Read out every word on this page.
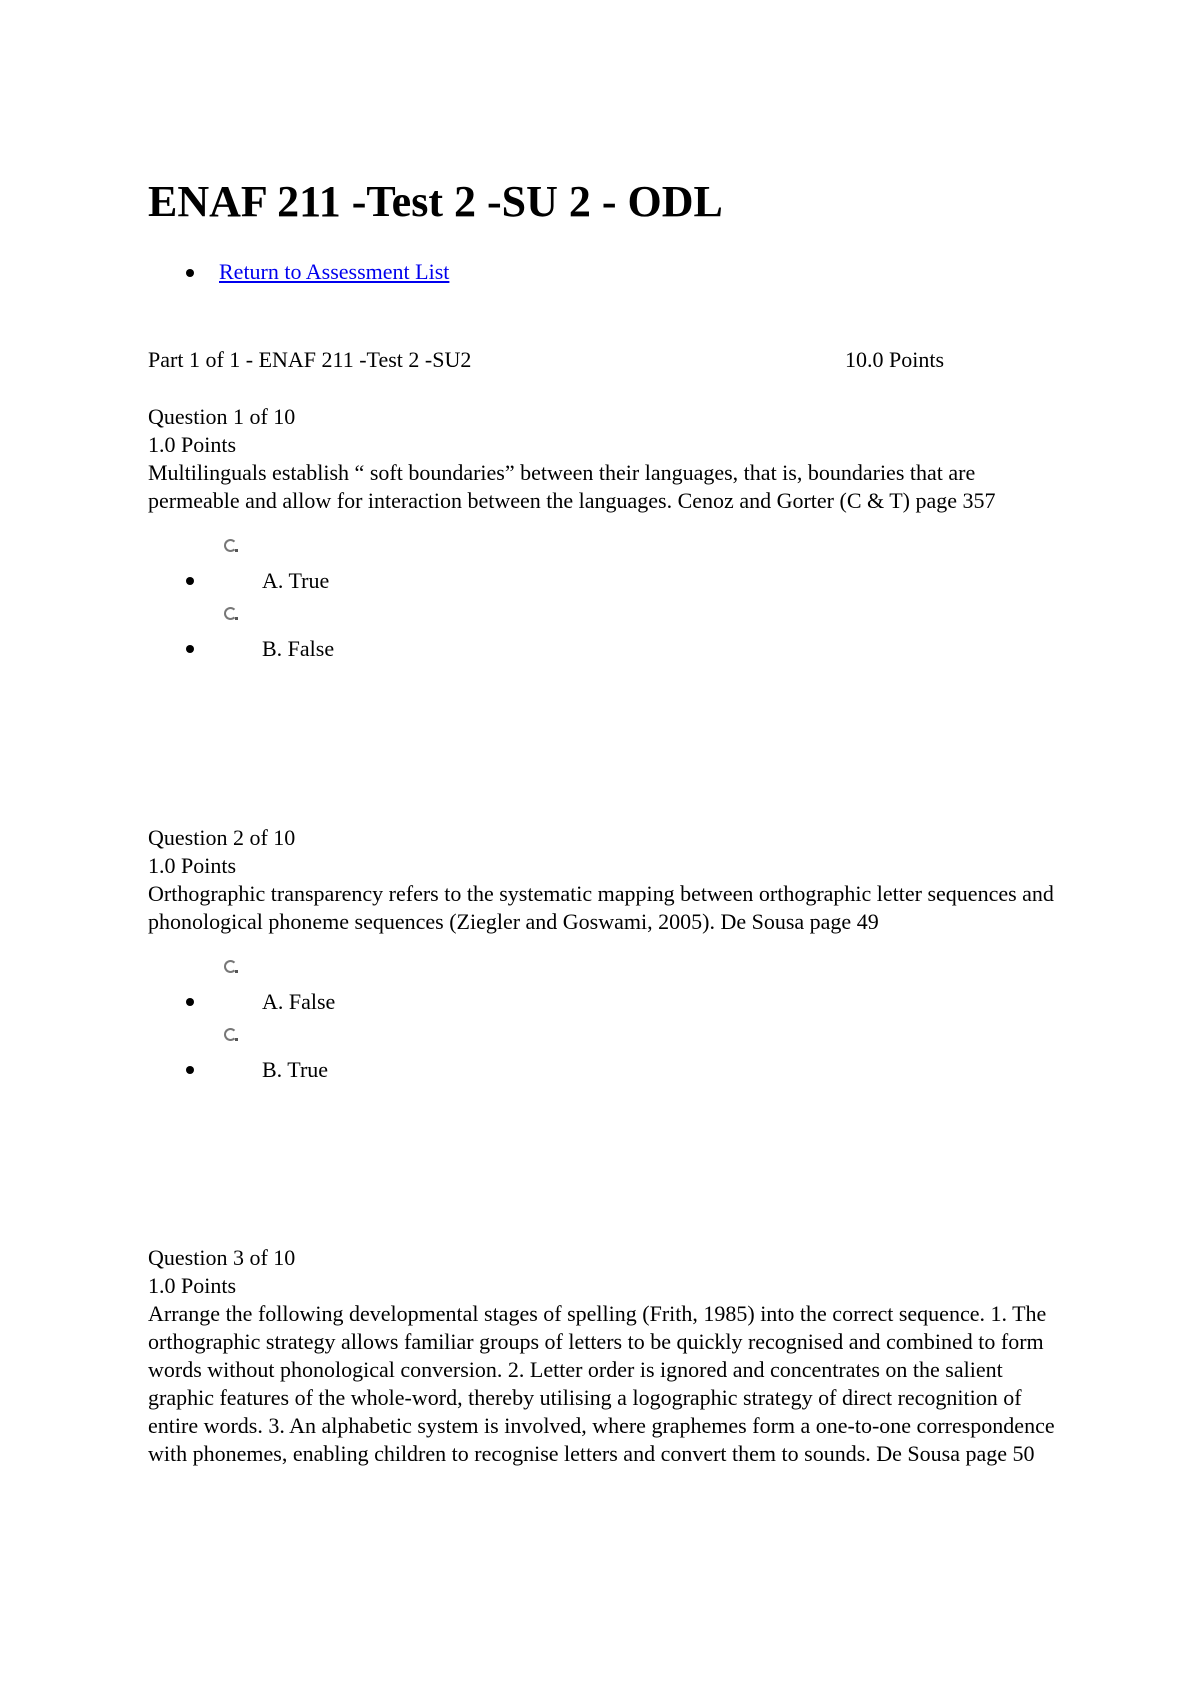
ENAF 211 -Test 2 -SU 2 - ODL
Return to Assessment List
Part 1 of 1 - ENAF 211 -Test 2 -SU2	10.0 Points
Question 1 of 10
1.0 Points

Multilinguals establish “ soft boundaries” between their languages, that is, boundaries that are permeable and allow for interaction between the languages. Cenoz and Gorter (C & T) page 357

A. True
B. False
Question 2 of 10
1.0 Points

Orthographic transparency refers to the systematic mapping between orthographic letter sequences and phonological phoneme sequences (Ziegler and Goswami, 2005). De Sousa page 49

A. False
B. True
Question 3 of 10
1.0 Points

Arrange the following developmental stages of spelling (Frith, 1985) into the correct sequence. 1. The orthographic strategy allows familiar groups of letters to be quickly recognised and combined to form words without phonological conversion. 2. Letter order is ignored and concentrates on the salient graphic features of the whole-word, thereby utilising a logographic strategy of direct recognition of entire words. 3. An alphabetic system is involved, where graphemes form a one-to-one correspondence with phonemes, enabling children to recognise letters and convert them to sounds. De Sousa page 50
